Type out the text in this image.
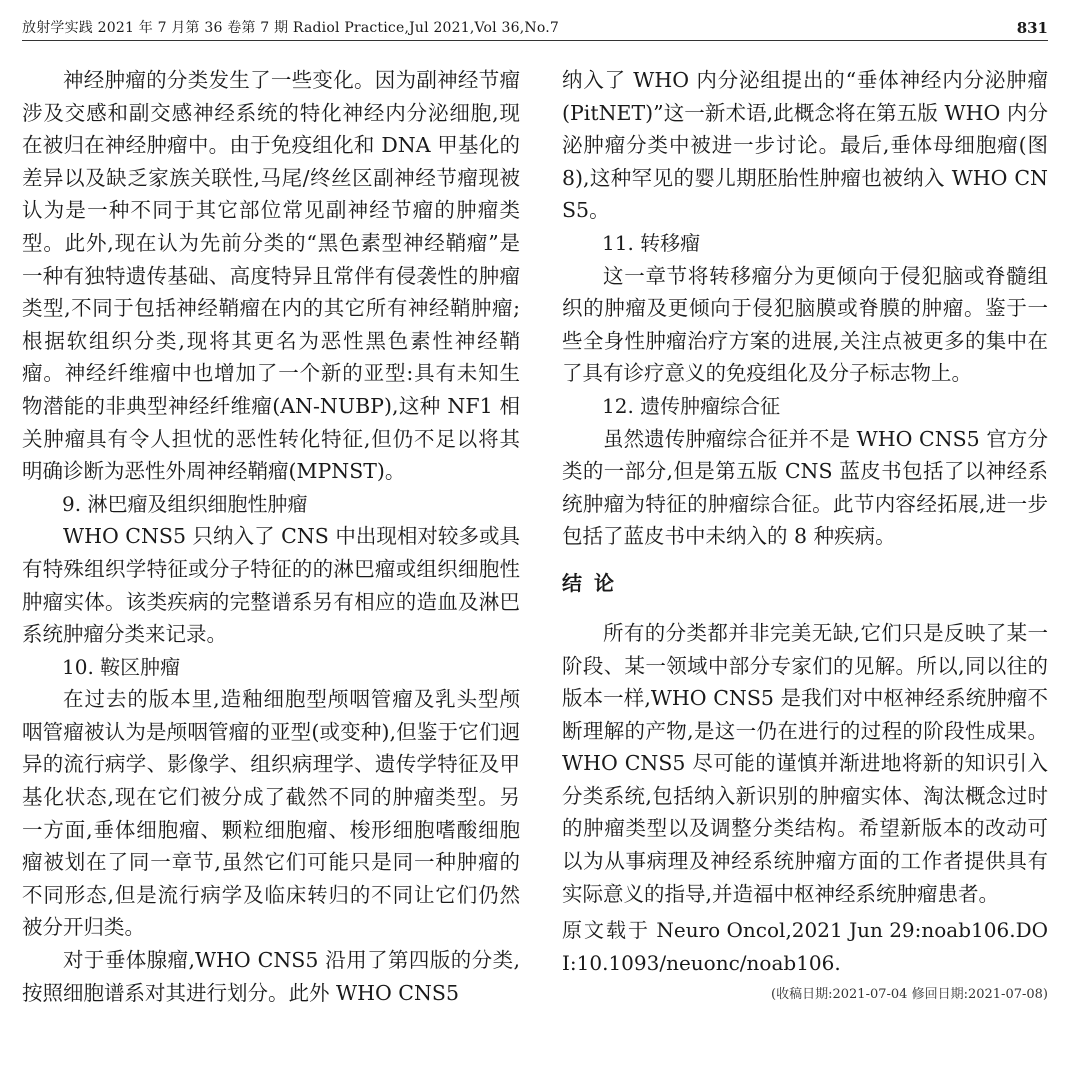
放射学实践 2021 年 7 月第 36 卷第 7 期 Radiol Practice,Jul 2021,Vol 36,No.7	831

神经肿瘤的分类发生了一些变化。因为副神经节瘤涉及交感和副交感神经系统的特化神经内分泌细胞,现在被归在神经肿瘤中。由于免疫组化和 DNA 甲基化的差异以及缺乏家族关联性,马尾/终丝区副神经节瘤现被认为是一种不同于其它部位常见副神经节瘤的肿瘤类型。此外,现在认为先前分类的“黑色素型神经鞘瘤”是一种有独特遗传基础、高度特异且常伴有侵袭性的肿瘤类型,不同于包括神经鞘瘤在内的其它所有神经鞘肿瘤;根据软组织分类,现将其更名为恶性黑色素性神经鞘瘤。神经纤维瘤中也增加了一个新的亚型:具有未知生物潜能的非典型神经纤维瘤(AN-NUBP),这种 NF1 相关肿瘤具有令人担忧的恶性转化特征,但仍不足以将其明确诊断为恶性外周神经鞘瘤(MPNST)。

9. 淋巴瘤及组织细胞性肿瘤

WHO CNS5 只纳入了 CNS 中出现相对较多或具有特殊组织学特征或分子特征的的淋巴瘤或组织细胞性肿瘤实体。该类疾病的完整谱系另有相应的造血及淋巴系统肿瘤分类来记录。

10. 鞍区肿瘤

在过去的版本里,造釉细胞型颅咽管瘤及乳头型颅咽管瘤被认为是颅咽管瘤的亚型(或变种),但鉴于它们迥异的流行病学、影像学、组织病理学、遗传学特征及甲基化状态,现在它们被分成了截然不同的肿瘤类型。另一方面,垂体细胞瘤、颗粒细胞瘤、梭形细胞嗜酸细胞瘤被划在了同一章节,虽然它们可能只是同一种肿瘤的不同形态,但是流行病学及临床转归的不同让它们仍然被分开归类。

对于垂体腺瘤,WHO CNS5 沿用了第四版的分类,按照细胞谱系对其进行划分。此外 WHO CNS5

纳入了 WHO 内分泌组提出的“垂体神经内分泌肿瘤(PitNET)”这一新术语,此概念将在第五版 WHO 内分泌肿瘤分类中被进一步讨论。最后,垂体母细胞瘤(图 8),这种罕见的婴儿期胚胎性肿瘤也被纳入 WHO CNS5。

11. 转移瘤

这一章节将转移瘤分为更倾向于侵犯脑或脊髓组织的肿瘤及更倾向于侵犯脑膜或脊膜的肿瘤。鉴于一些全身性肿瘤治疗方案的进展,关注点被更多的集中在了具有诊疗意义的免疫组化及分子标志物上。

12. 遗传肿瘤综合征

虽然遗传肿瘤综合征并不是 WHO CNS5 官方分类的一部分,但是第五版 CNS 蓝皮书包括了以神经系统肿瘤为特征的肿瘤综合征。此节内容经拓展,进一步包括了蓝皮书中未纳入的 8 种疾病。

结论

所有的分类都并非完美无缺,它们只是反映了某一阶段、某一领域中部分专家们的见解。所以,同以往的版本一样,WHO CNS5 是我们对中枢神经系统肿瘤不断理解的产物,是这一仍在进行的过程的阶段性成果。WHO CNS5 尽可能的谨慎并渐进地将新的知识引入分类系统,包括纳入新识别的肿瘤实体、淘汰概念过时的肿瘤类型以及调整分类结构。希望新版本的改动可以为从事病理及神经系统肿瘤方面的工作者提供具有实际意义的指导,并造福中枢神经系统肿瘤患者。

原文载于 Neuro Oncol,2021 Jun 29:noab106.DOI:10.1093/neuonc/noab106.

(收稿日期:2021-07-04 修回日期:2021-07-08)
